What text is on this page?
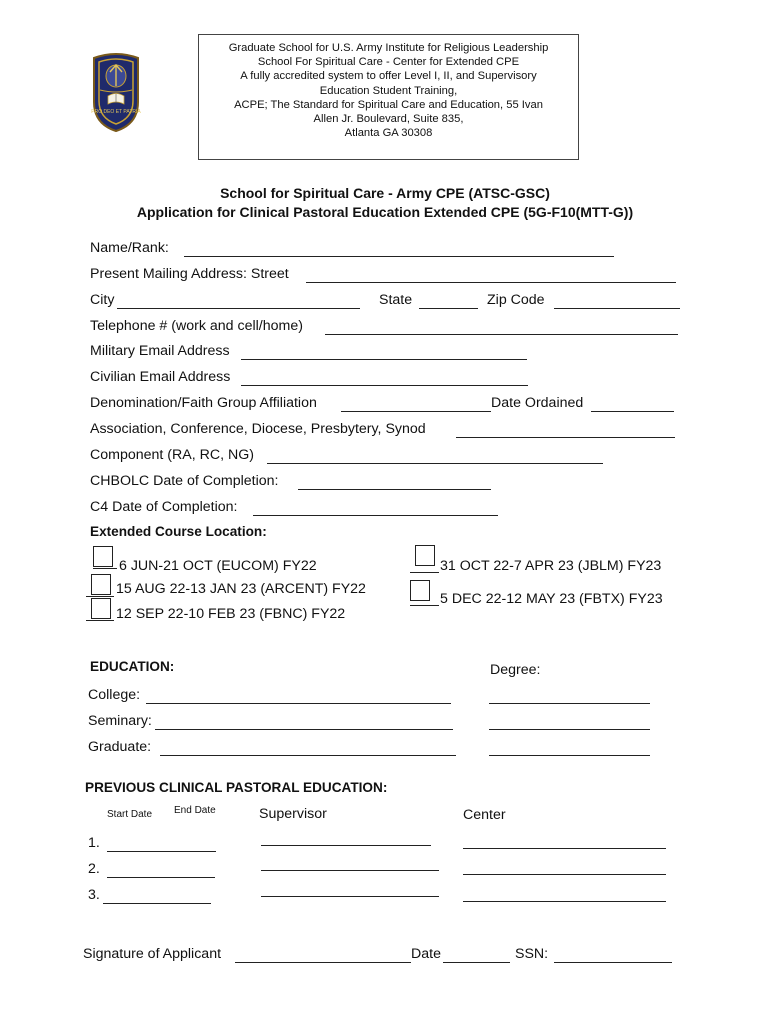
PRO DEO ET PATRIA
Graduate School for U.S. Army Institute for Religious Leadership
School For Spiritual Care - Center for Extended CPE
A fully accredited system to offer Level I, II, and Supervisory
Education Student Training,
ACPE; The Standard for Spiritual Care and Education, 55 Ivan
Allen Jr. Boulevard, Suite 835,
Atlanta GA 30308
School for Spiritual Care - Army CPE (ATSC-GSC)
Application for Clinical Pastoral Education Extended CPE (5G-F10(MTT-G))
Name/Rank:
Present Mailing Address: Street
City	State	Zip Code
Telephone # (work and cell/home)
Military Email Address
Civilian Email Address
Denomination/Faith Group Affiliation	Date Ordained
Association, Conference, Diocese, Presbytery, Synod
Component (RA, RC, NG)
CHBOLC Date of Completion:
C4 Date of Completion:
Extended Course Location:
6 JUN-21 OCT (EUCOM) FY22
15 AUG 22-13 JAN 23 (ARCENT) FY22
12 SEP 22-10 FEB 23 (FBNC) FY22
31 OCT 22-7 APR 23 (JBLM) FY23
5 DEC 22-12 MAY 23 (FBTX) FY23
EDUCATION:	Degree:
College:
Seminary:
Graduate:
PREVIOUS CLINICAL PASTORAL EDUCATION:
Start Date End Date	Supervisor	Center
1.
2.
3.
Signature of Applicant	Date	SSN:
